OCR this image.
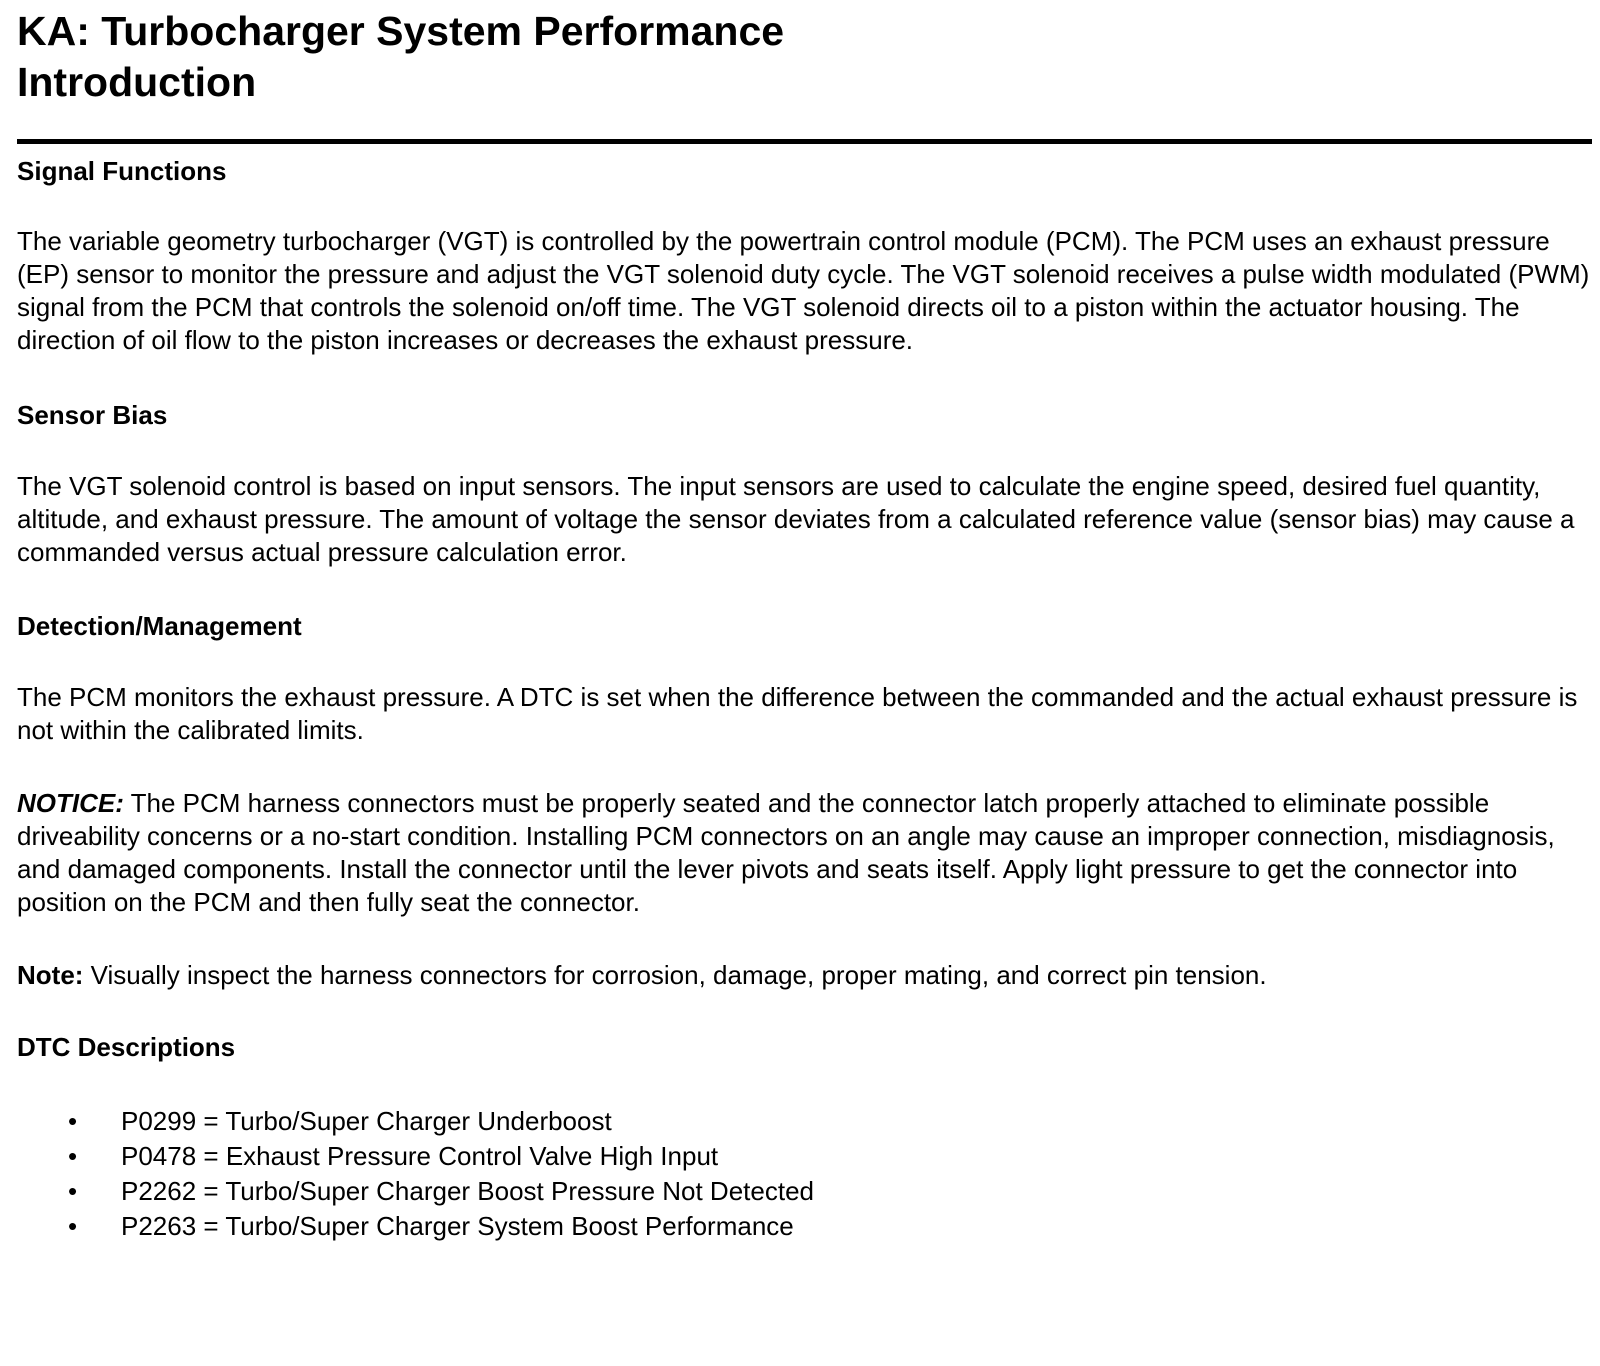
KA: Turbocharger System Performance
Introduction
Signal Functions

The variable geometry turbocharger (VGT) is controlled by the powertrain control module (PCM). The PCM uses an exhaust pressure (EP) sensor to monitor the pressure and adjust the VGT solenoid duty cycle. The VGT solenoid receives a pulse width modulated (PWM) signal from the PCM that controls the solenoid on/off time. The VGT solenoid directs oil to a piston within the actuator housing. The direction of oil flow to the piston increases or decreases the exhaust pressure.

Sensor Bias

The VGT solenoid control is based on input sensors. The input sensors are used to calculate the engine speed, desired fuel quantity, altitude, and exhaust pressure. The amount of voltage the sensor deviates from a calculated reference value (sensor bias) may cause a commanded versus actual pressure calculation error.

Detection/Management

The PCM monitors the exhaust pressure. A DTC is set when the difference between the commanded and the actual exhaust pressure is not within the calibrated limits.

NOTICE: The PCM harness connectors must be properly seated and the connector latch properly attached to eliminate possible driveability concerns or a no-start condition. Installing PCM connectors on an angle may cause an improper connection, misdiagnosis, and damaged components. Install the connector until the lever pivots and seats itself. Apply light pressure to get the connector into position on the PCM and then fully seat the connector.

Note: Visually inspect the harness connectors for corrosion, damage, proper mating, and correct pin tension.

DTC Descriptions
• P0299 = Turbo/Super Charger Underboost
• P0478 = Exhaust Pressure Control Valve High Input
• P2262 = Turbo/Super Charger Boost Pressure Not Detected
• P2263 = Turbo/Super Charger System Boost Performance
